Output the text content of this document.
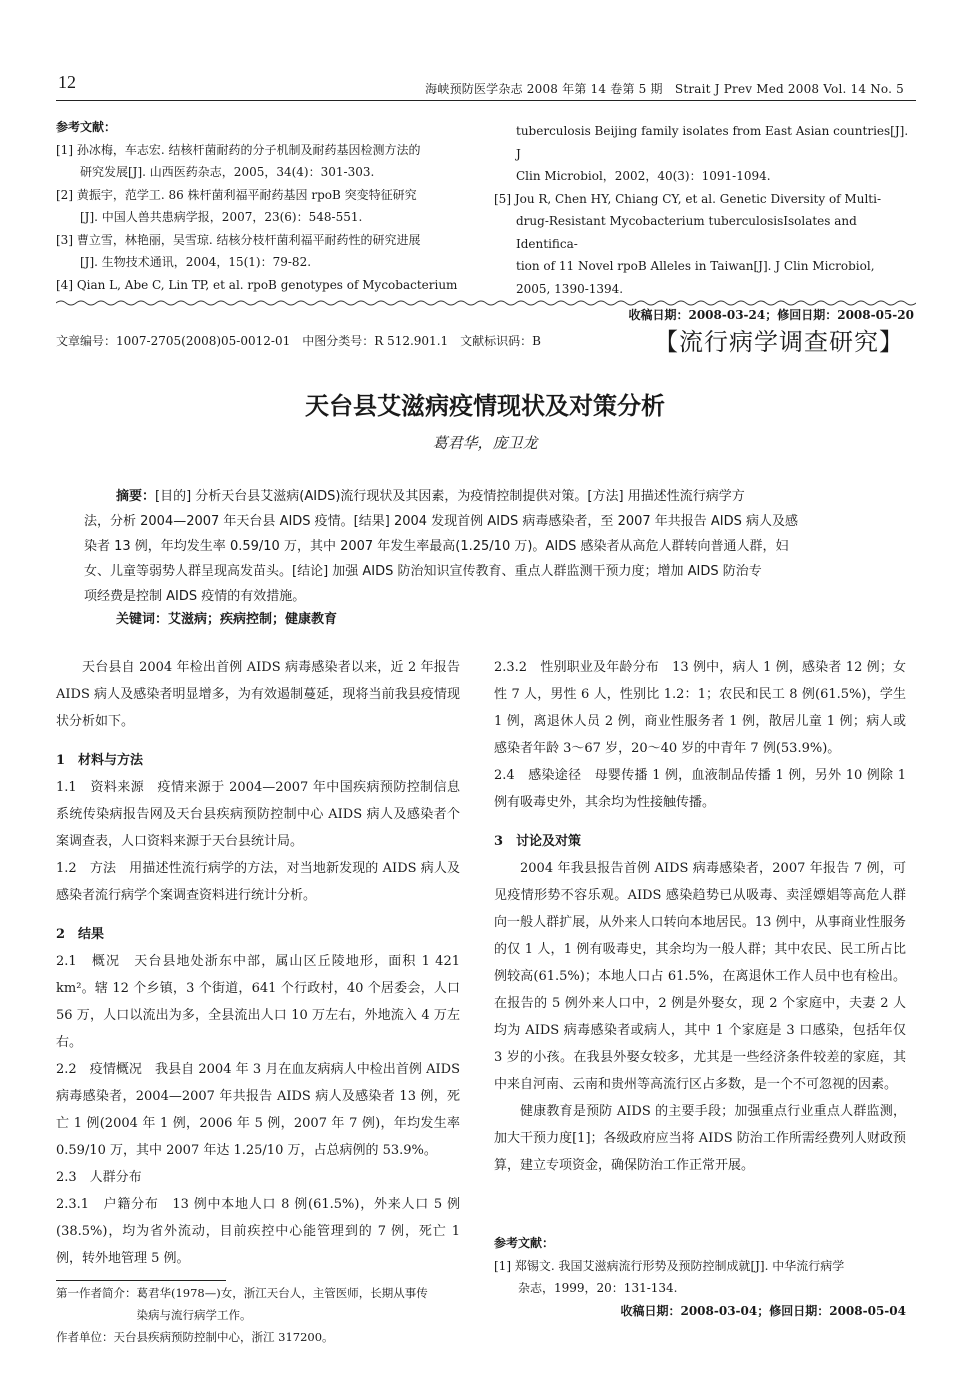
12	海峡预防医学杂志 2008 年第 14 卷第 5 期　Strait J Prev Med 2008 Vol. 14 No. 5
参考文献：
[1] 孙冰梅，车志宏. 结核杆菌耐药的分子机制及耐药基因检测方法的
　　研究发展[J]. 山西医药杂志，2005，34(4)：301-303.
[2] 黄振宇，范学工. 86 株杆菌利福平耐药基因 rpoB 突变特征研究
　　[J]. 中国人兽共患病学报，2007，23(6)：548-551.
[3] 曹立雪，林艳丽，吴雪琼. 结核分枝杆菌利福平耐药性的研究进展
　　[J]. 生物技术通讯，2004，15(1)：79-82.
[4] Qian L, Abe C, Lin TP, et al. rpoB genotypes of Mycobacterium
tuberculosis Beijing family isolates from East Asian countries[J]. J
Clin Microbiol，2002，40(3)：1091-1094.
[5] Jou R, Chen HY, Chiang CY, et al. Genetic Diversity of Multi-
drug-Resistant Mycobacterium tuberculosisIsolates and Identifica-
tion of 11 Novel rpoB Alleles in Taiwan[J]. J Clin Microbiol,
2005, 1390-1394.
收稿日期：2008-03-24；修回日期：2008-05-20
文章编号：1007-2705(2008)05-0012-01　中图分类号：R 512.901.1　文献标识码：B	【流行病学调查研究】
天台县艾滋病疫情现状及对策分析
葛君华，庞卫龙
摘要：[目的] 分析天台县艾滋病(AIDS)流行现状及其因素，为疫情控制提供对策。[方法] 用描述性流行病学方
法，分析 2004—2007 年天台县 AIDS 疫情。[结果] 2004 发现首例 AIDS 病毒感染者，至 2007 年共报告 AIDS 病人及感
染者 13 例，年均发生率 0.59/10 万，其中 2007 年发生率最高(1.25/10 万)。AIDS 感染者从高危人群转向普通人群，妇
女、儿童等弱势人群呈现高发苗头。[结论] 加强 AIDS 防治知识宣传教育、重点人群监测干预力度；增加 AIDS 防治专
项经费是控制 AIDS 疫情的有效措施。
关键词：艾滋病；疾病控制；健康教育

天台县自 2004 年检出首例 AIDS 病毒感染者以来，近 2 年报告 AIDS 病人及感染者明显增多，为有效遏制蔓延，现将当前我县疫情现状分析如下。

1　材料与方法

1.1　资料来源　疫情来源于 2004—2007 年中国疾病预防控制信息系统传染病报告网及天台县疾病预防控制中心 AIDS 病人及感染者个案调查表，人口资料来源于天台县统计局。

1.2　方法　用描述性流行病学的方法，对当地新发现的 AIDS 病人及感染者流行病学个案调查资料进行统计分析。

2　结果

2.1　概况　天台县地处浙东中部，属山区丘陵地形，面积 1 421 km²。辖 12 个乡镇，3 个街道，641 个行政村，40 个居委会，人口 56 万，人口以流出为多，全县流出人口 10 万左右，外地流入 4 万左右。

2.2　疫情概况　我县自 2004 年 3 月在血友病病人中检出首例 AIDS 病毒感染者，2004—2007 年共报告 AIDS 病人及感染者 13 例，死亡 1 例(2004 年 1 例，2006 年 5 例，2007 年 7 例)，年均发生率 0.59/10 万，其中 2007 年达 1.25/10 万，占总病例的 53.9%。

2.3　人群分布

2.3.1　户籍分布　13 例中本地人口 8 例(61.5%)，外来人口 5 例(38.5%)，均为省外流动，目前疾控中心能管理到的 7 例，死亡 1 例，转外地管理 5 例。

2.3.2　性别职业及年龄分布　13 例中，病人 1 例，感染者 12 例；女性 7 人，男性 6 人，性别比 1.2：1；农民和民工 8 例(61.5%)，学生 1 例，离退休人员 2 例，商业性服务者 1 例，散居儿童 1 例；病人或感染者年龄 3～67 岁，20～40 岁的中青年 7 例(53.9%)。

2.4　感染途径　母婴传播 1 例，血液制品传播 1 例，另外 10 例除 1 例有吸毒史外，其余均为性接触传播。

3　讨论及对策

2004 年我县报告首例 AIDS 病毒感染者，2007 年报告 7 例，可见疫情形势不容乐观。AIDS 感染趋势已从吸毒、卖淫嫖娼等高危人群向一般人群扩展，从外来人口转向本地居民。13 例中，从事商业性服务的仅 1 人，1 例有吸毒史，其余均为一般人群；其中农民、民工所占比例较高(61.5%)；本地人口占 61.5%，在离退休工作人员中也有检出。在报告的 5 例外来人口中，2 例是外娶女，现 2 个家庭中，夫妻 2 人均为 AIDS 病毒感染者或病人，其中 1 个家庭是 3 口感染，包括年仅 3 岁的小孩。在我县外娶女较多，尤其是一些经济条件较差的家庭，其中来自河南、云南和贵州等高流行区占多数，是一个不可忽视的因素。

健康教育是预防 AIDS 的主要手段；加强重点行业重点人群监测，加大干预力度[1]；各级政府应当将 AIDS 防治工作所需经费列人财政预算，建立专项资金，确保防治工作正常开展。

参考文献：
[1] 郑锡文. 我国艾滋病流行形势及预防控制成就[J]. 中华流行病学
　　杂志，1999，20：131-134.
收稿日期：2008-03-04；修回日期：2008-05-04
第一作者简介：葛君华(1978—)女，浙江天台人，主管医师，长期从事传
　　　　　　　染病与流行病学工作。
作者单位：天台县疾病预防控制中心，浙江 317200。
